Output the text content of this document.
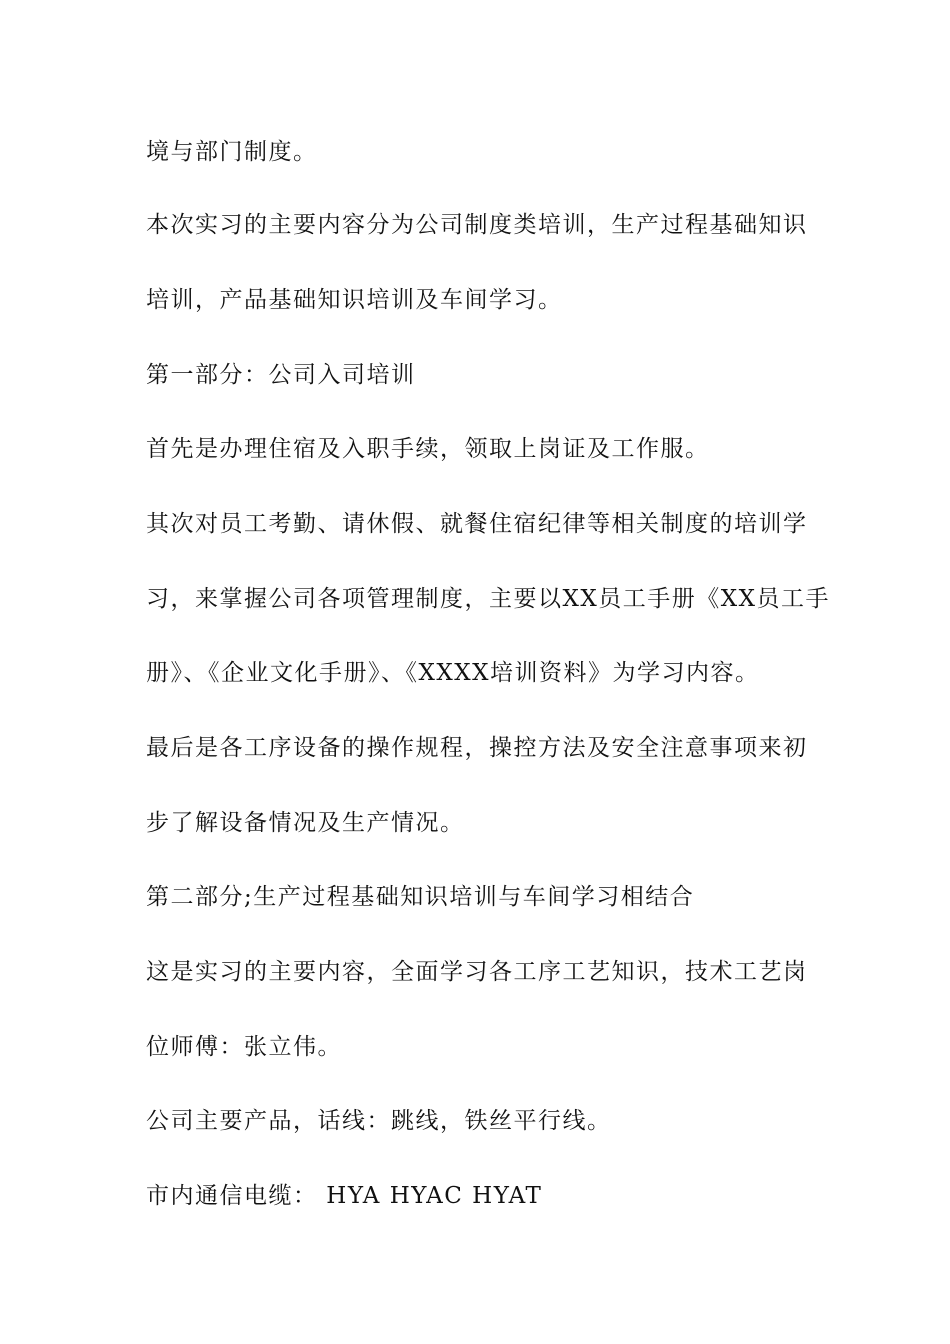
境与部门制度。
本次实习的主要内容分为公司制度类培训，生产过程基础知识
培训，产品基础知识培训及车间学习。
第一部分：公司入司培训
首先是办理住宿及入职手续，领取上岗证及工作服。
其次对员工考勤、请休假、就餐住宿纪律等相关制度的培训学
习，来掌握公司各项管理制度，主要以XX员工手册《XX员工手
册》、《企业文化手册》、《XXXX培训资料》为学习内容。
最后是各工序设备的操作规程，操控方法及安全注意事项来初
步了解设备情况及生产情况。
第二部分;生产过程基础知识培训与车间学习相结合
这是实习的主要内容，全面学习各工序工艺知识，技术工艺岗
位师傅：张立伟。
公司主要产品，话线：跳线，铁丝平行线。
市内通信电缆： HYA HYAC HYAT
